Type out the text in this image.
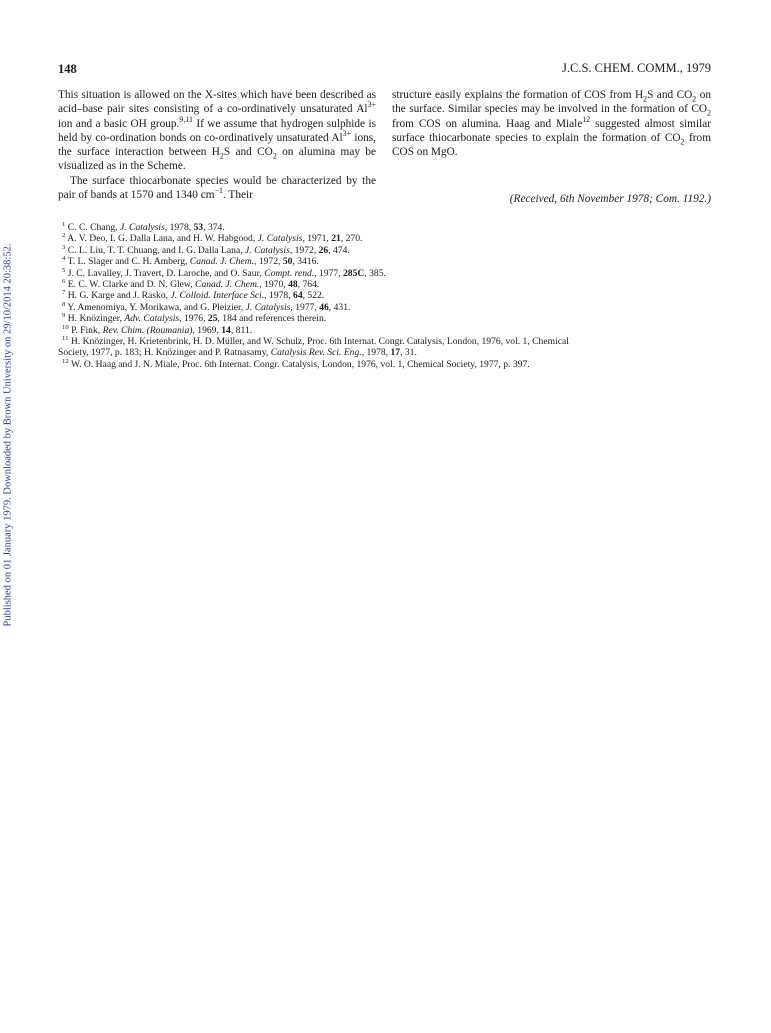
Published on 01 January 1979. Downloaded by Brown University on 29/10/2014 20:38:52.
148	J.C.S. CHEM. COMM., 1979

This situation is allowed on the X-sites which have been described as acid–base pair sites consisting of a co-ordinatively unsaturated $Al^{3+}$ ion and a basic OH group.$^{9,11}$ If we assume that hydrogen sulphide is held by co-ordination bonds on co-ordinatively unsaturated $Al^{3+}$ ions, the surface interaction between $H_2S$ and $CO_2$ on alumina may be visualized as in the Scheme.

The surface thiocarbonate species would be characterized by the pair of bands at 1570 and 1340 $cm^{-1}$. Their

structure easily explains the formation of COS from $H_2S$ and $CO_2$ on the surface. Similar species may be involved in the formation of $CO_2$ from COS on alumina. Haag and Miale$^{12}$ suggested almost similar surface thiocarbonate species to explain the formation of $CO_2$ from COS on MgO.

(Received, 6th November 1978; Com. 1192.)
$^1$ C. C. Chang, J. Catalysis, 1978, 53, 374.
$^2$ A. V. Deo, I. G. Dalla Lana, and H. W. Habgood, J. Catalysis, 1971, 21, 270.
$^3$ C. L. Liu, T. T. Chuang, and I. G. Dalla Lana, J. Catalysis, 1972, 26, 474.
$^4$ T. L. Slager and C. H. Amberg, Canad. J. Chem., 1972, 50, 3416.
$^5$ J. C. Lavalley, J. Travert, D. Laroche, and O. Saur, Compt. rend., 1977, 285C, 385.
$^6$ E. C. W. Clarke and D. N. Glew, Canad. J. Chem., 1970, 48, 764.
$^7$ H. G. Karge and J. Rasko, J. Colloid. Interface Sci., 1978, 64, 522.
$^8$ Y. Amenomiya, Y. Morikawa, and G. Pleizier, J. Catalysis, 1977, 46, 431.
$^9$ H. Knözinger, Adv. Catalysis, 1976, 25, 184 and references therein.
$^{10}$ P. Fink, Rev. Chim. (Roumania), 1969, 14, 811.
$^{11}$ H. Knözinger, H. Krietenbrink, H. D. Müller, and W. Schulz, Proc. 6th Internat. Congr. Catalysis, London, 1976, vol. 1, Chemical
Society, 1977, p. 183; H. Knözinger and P. Ratnasamy, Catalysis Rev. Sci. Eng., 1978, 17, 31.
$^{12}$ W. O. Haag and J. N. Miale, Proc. 6th Internat. Congr. Catalysis, London, 1976, vol. 1, Chemical Society, 1977, p. 397.
